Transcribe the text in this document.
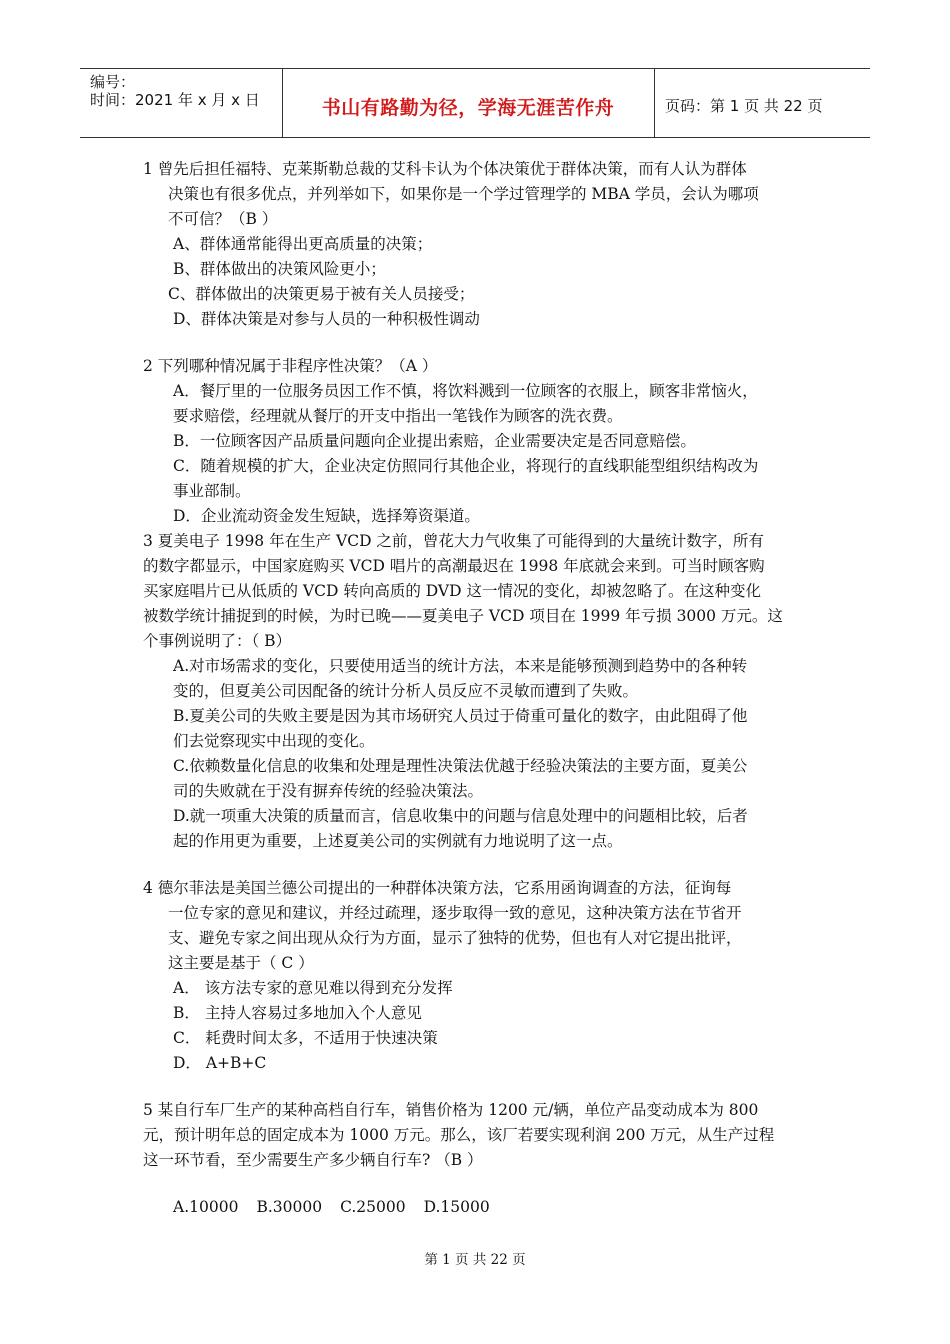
编号：
时间：2021 年 x 月 x 日	书山有路勤为径，学海无涯苦作舟	页码：第 1 页 共 22 页
1 曾先后担任福特、克莱斯勒总裁的艾科卡认为个体决策优于群体决策，而有人认为群体
决策也有很多优点，并列举如下，如果你是一个学过管理学的 MBA 学员，会认为哪项
不可信？（B ）
A、群体通常能得出更高质量的决策；
B、群体做出的决策风险更小；
C、群体做出的决策更易于被有关人员接受；
D、群体决策是对参与人员的一种积极性调动
2 下列哪种情况属于非程序性决策？（A ）
A．餐厅里的一位服务员因工作不慎，将饮料溅到一位顾客的衣服上，顾客非常恼火，
要求赔偿，经理就从餐厅的开支中指出一笔钱作为顾客的洗衣费。
B．一位顾客因产品质量问题向企业提出索赔，企业需要决定是否同意赔偿。
C．随着规模的扩大，企业决定仿照同行其他企业，将现行的直线职能型组织结构改为
事业部制。
D．企业流动资金发生短缺，选择筹资渠道。
3 夏美电子 1998 年在生产 VCD 之前，曾花大力气收集了可能得到的大量统计数字，所有
的数字都显示，中国家庭购买 VCD 唱片的高潮最迟在 1998 年底就会来到。可当时顾客购
买家庭唱片已从低质的 VCD 转向高质的 DVD 这一情况的变化，却被忽略了。在这种变化
被数学统计捕捉到的时候，为时已晚——夏美电子 VCD 项目在 1999 年亏损 3000 万元。这
个事例说明了：（ B）
A.对市场需求的变化，只要使用适当的统计方法，本来是能够预测到趋势中的各种转
变的，但夏美公司因配备的统计分析人员反应不灵敏而遭到了失败。
B.夏美公司的失败主要是因为其市场研究人员过于倚重可量化的数字，由此阻碍了他
们去觉察现实中出现的变化。
C.依赖数量化信息的收集和处理是理性决策法优越于经验决策法的主要方面，夏美公
司的失败就在于没有摒弃传统的经验决策法。
D.就一项重大决策的质量而言，信息收集中的问题与信息处理中的问题相比较，后者
起的作用更为重要，上述夏美公司的实例就有力地说明了这一点。
4 德尔菲法是美国兰德公司提出的一种群体决策方法，它系用函询调查的方法，征询每
一位专家的意见和建议，并经过疏理，逐步取得一致的意见，这种决策方法在节省开
支、避免专家之间出现从众行为方面，显示了独特的优势，但也有人对它提出批评，
这主要是基于（ C ）
A． 该方法专家的意见难以得到充分发挥
B． 主持人容易过多地加入个人意见
C． 耗费时间太多，不适用于快速决策
D． A+B+C
5 某自行车厂生产的某种高档自行车，销售价格为 1200 元/辆，单位产品变动成本为 800
元，预计明年总的固定成本为 1000 万元。那么，该厂若要实现利润 200 万元，从生产过程
这一环节看，至少需要生产多少辆自行车? （B ）
A.10000 B.30000 C.25000 D.15000
第 1 页 共 22 页
